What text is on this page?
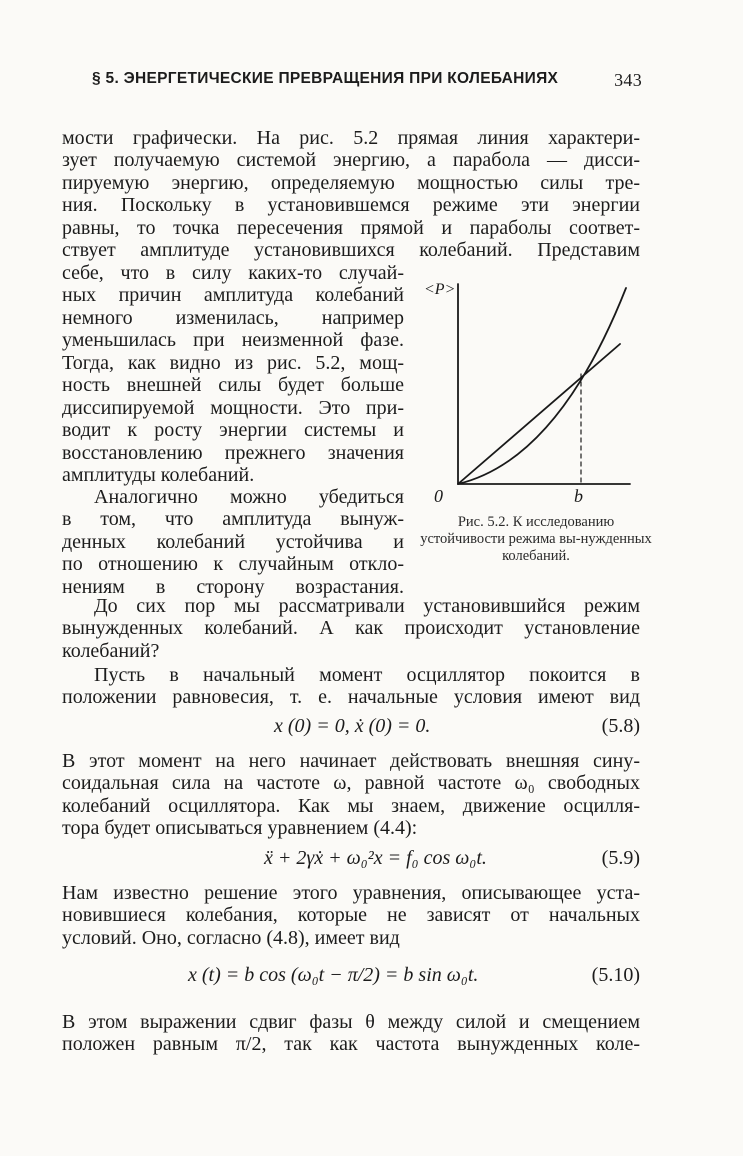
§ 5. ЭНЕРГЕТИЧЕСКИЕ ПРЕВРАЩЕНИЯ ПРИ КОЛЕБАНИЯХ	343
мости графически. На рис. 5.2 прямая линия характери-
зует получаемую системой энергию, а парабола — дисси-
пируемую энергию, определяемую мощностью силы тре-
ния. Поскольку в установившемся режиме эти энергии
равны, то точка пересечения прямой и параболы соответ-
ствует амплитуде установившихся колебаний. Представим
себе, что в силу каких-то случай-
ных причин амплитуда колебаний
немного изменилась, например
уменьшилась при неизменной фазе.
Тогда, как видно из рис. 5.2, мощ-
ность внешней силы будет больше
диссипируемой мощности. Это при-
водит к росту энергии системы и
восстановлению прежнего значения
амплитуды колебаний.
Аналогично можно убедиться
в том, что амплитуда вынуж-
денных колебаний устойчива и
по отношению к случайным откло-
нениям в сторону возрастания.
<P>
0	b
Рис. 5.2. К исследованию устойчивости режима вы-нужденных колебаний.
До сих пор мы рассматривали установившийся режим
вынужденных колебаний. А как происходит установление
колебаний?
Пусть в начальный момент осциллятор покоится в
положении равновесия, т. е. начальные условия имеют вид
x (0) = 0, ẋ (0) = 0.	(5.8)
В этот момент на него начинает действовать внешняя сину-
соидальная сила на частоте ω, равной частоте ω₀ свободных
колебаний осциллятора. Как мы знаем, движение осцилля-
тора будет описываться уравнением (4.4):
ẍ + 2γẋ + ω₀²x = f₀ cos ω₀t.	(5.9)
Нам известно решение этого уравнения, описывающее уста-
новившиеся колебания, которые не зависят от начальных
условий. Оно, согласно (4.8), имеет вид
x (t) = b cos (ω₀t − π/2) = b sin ω₀t.	(5.10)
В этом выражении сдвиг фазы θ между силой и смещением
положен равным π/2, так как частота вынужденных коле-
